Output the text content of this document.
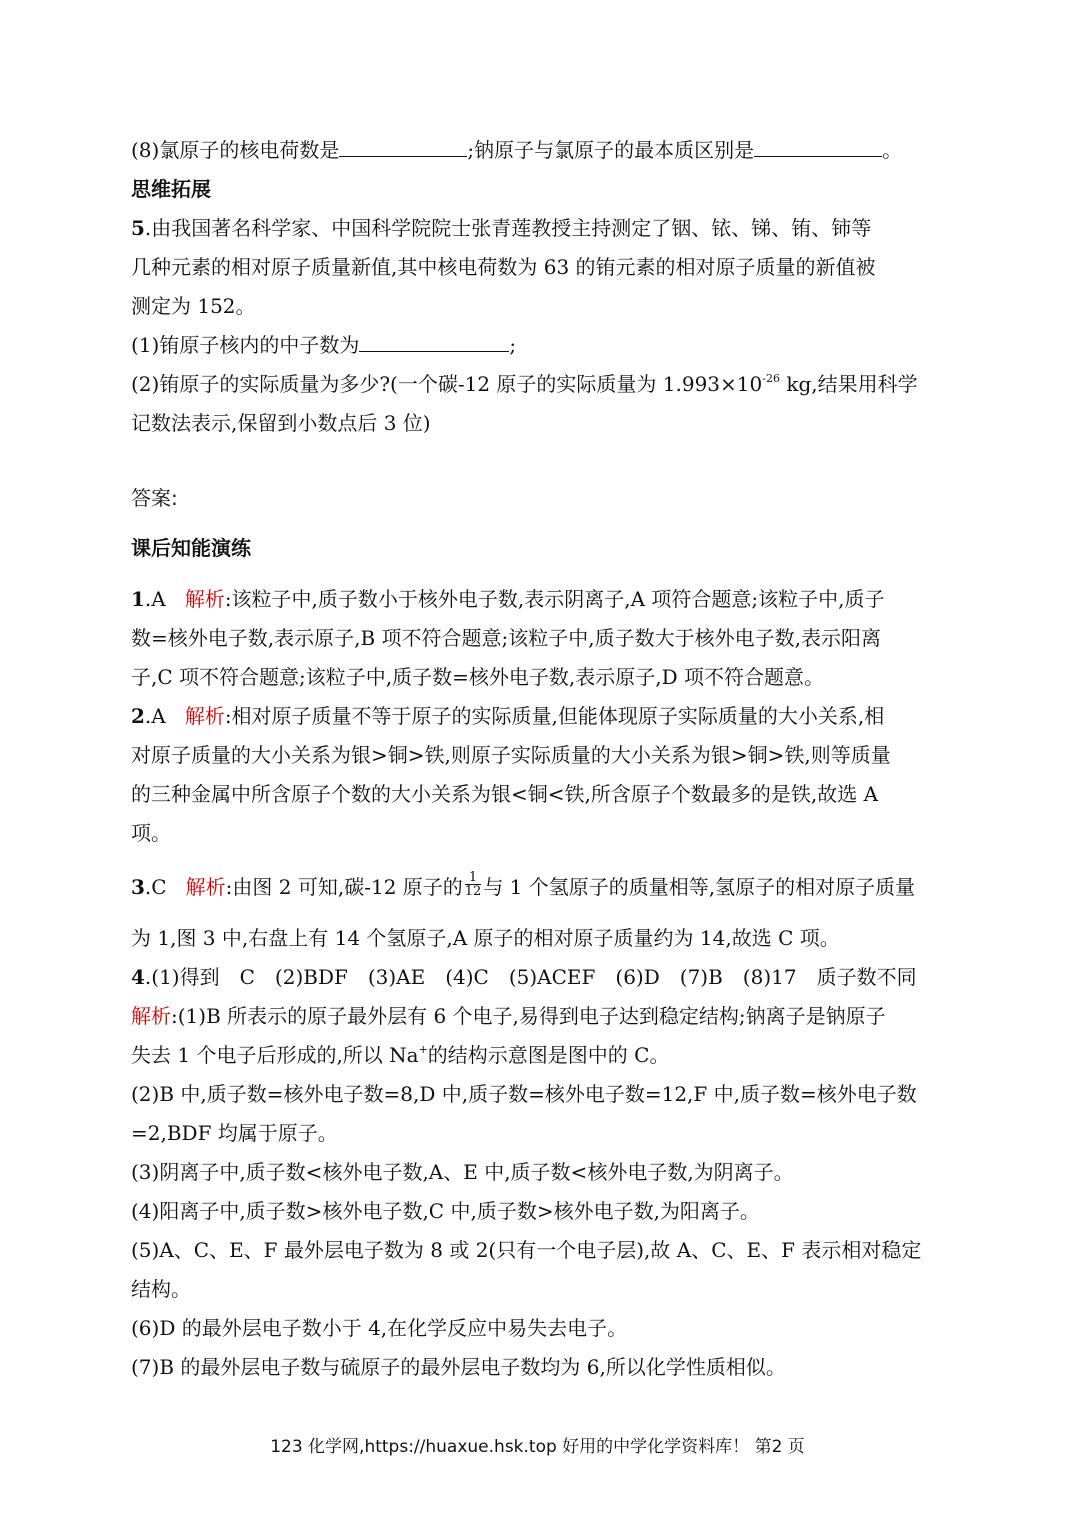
(8)氯原子的核电荷数是	;钠原子与氯原子的最本质区别是	。
思维拓展
5.由我国著名科学家、中国科学院院士张青莲教授主持测定了铟、铱、锑、铕、铈等
几种元素的相对原子质量新值,其中核电荷数为 63 的铕元素的相对原子质量的新值被
测定为 152。
(1)铕原子核内的中子数为	;
(2)铕原子的实际质量为多少?(一个碳-12 原子的实际质量为 $1.993\times 10^{-26}$ kg,结果用科学
记数法表示,保留到小数点后 3 位)
答案:
课后知能演练
1.A 解析:该粒子中,质子数小于核外电子数,表示阴离子,A 项符合题意;该粒子中,质子
数=核外电子数,表示原子,B 项不符合题意;该粒子中,质子数大于核外电子数,表示阳离
子,C 项不符合题意;该粒子中,质子数=核外电子数,表示原子,D 项不符合题意。
2.A 解析:相对原子质量不等于原子的实际质量,但能体现原子实际质量的大小关系,相
对原子质量的大小关系为银>铜>铁,则原子实际质量的大小关系为银>铜>铁,则等质量
的三种金属中所含原子个数的大小关系为银<铜<铁,所含原子个数最多的是铁,故选 A
项。
3.C 解析:由图 2 可知,碳-12 原子的 $\frac{1}{12}$ 与 1 个氢原子的质量相等,氢原子的相对原子质量
为 1,图 3 中,右盘上有 14 个氢原子,A 原子的相对原子质量约为 14,故选 C 项。
4.(1)得到　C　(2)BDF　(3)AE　(4)C　(5)ACEF　(6)D　(7)B　(8)17　质子数不同
解析:(1)B 所表示的原子最外层有 6 个电子,易得到电子达到稳定结构;钠离子是钠原子
失去 1 个电子后形成的,所以 Na+的结构示意图是图中的 C。
(2)B 中,质子数=核外电子数=8,D 中,质子数=核外电子数=12,F 中,质子数=核外电子数
=2,BDF 均属于原子。
(3)阴离子中,质子数<核外电子数,A、E 中,质子数<核外电子数,为阴离子。
(4)阳离子中,质子数>核外电子数,C 中,质子数>核外电子数,为阳离子。
(5)A、C、E、F 最外层电子数为 8 或 2(只有一个电子层),故 A、C、E、F 表示相对稳定
结构。
(6)D 的最外层电子数小于 4,在化学反应中易失去电子。
(7)B 的最外层电子数与硫原子的最外层电子数均为 6,所以化学性质相似。
123 化学网,https://huaxue.hsk.top 好用的中学化学资料库！ 第2 页
